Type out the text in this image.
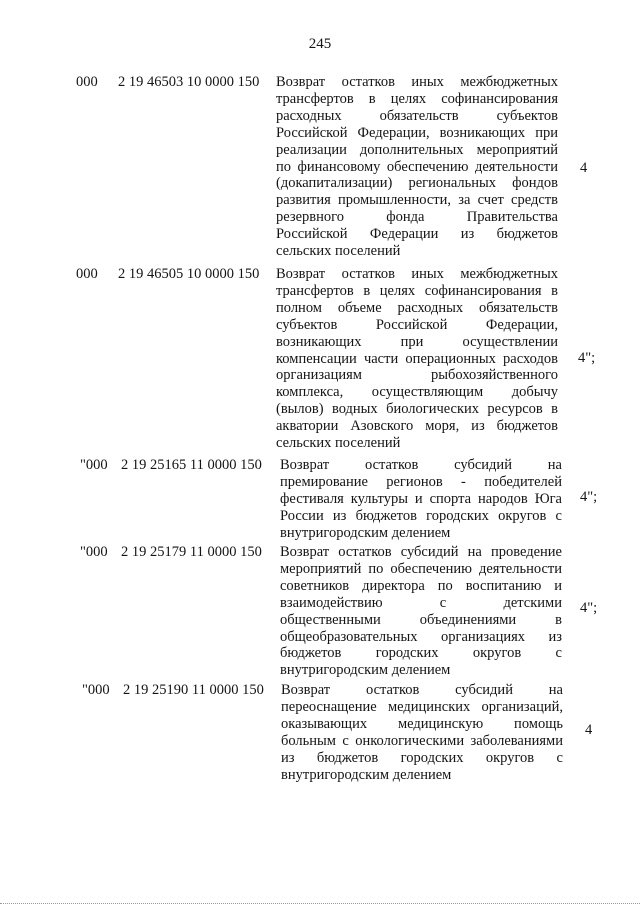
245
000 2 19 46503 10 0000 150 Возврат остатков иных межбюджетных
трансфертов в целях софинансирования
расходных обязательств субъектов
Российской Федерации, возникающих при
реализации дополнительных мероприятий
по финансовому обеспечению деятельности
(докапитализации) региональных фондов
развития промышленности, за счет средств
резервного фонда Правительства
Российской Федерации из бюджетов
сельских поселений
4
000 2 19 46505 10 0000 150 Возврат остатков иных межбюджетных
трансфертов в целях софинансирования в
полном объеме расходных обязательств
субъектов Российской Федерации,
возникающих при осуществлении
компенсации части операционных расходов
организациям рыбохозяйственного
комплекса, осуществляющим добычу
(вылов) водных биологических ресурсов в
акватории Азовского моря, из бюджетов
сельских поселений
4";
"000 2 19 25165 11 0000 150 Возврат остатков субсидий на
премирование регионов - победителей
фестиваля культуры и спорта народов Юга
России из бюджетов городских округов с
внутригородским делением
4";
"000 2 19 25179 11 0000 150 Возврат остатков субсидий на проведение
мероприятий по обеспечению деятельности
советников директора по воспитанию и
взаимодействию с детскими
общественными объединениями в
общеобразовательных организациях из
бюджетов городских округов с
внутригородским делением
4";
"000 2 19 25190 11 0000 150 Возврат остатков субсидий на
переоснащение медицинских организаций,
оказывающих медицинскую помощь
больным с онкологическими заболеваниями
из бюджетов городских округов с
внутригородским делением
4
